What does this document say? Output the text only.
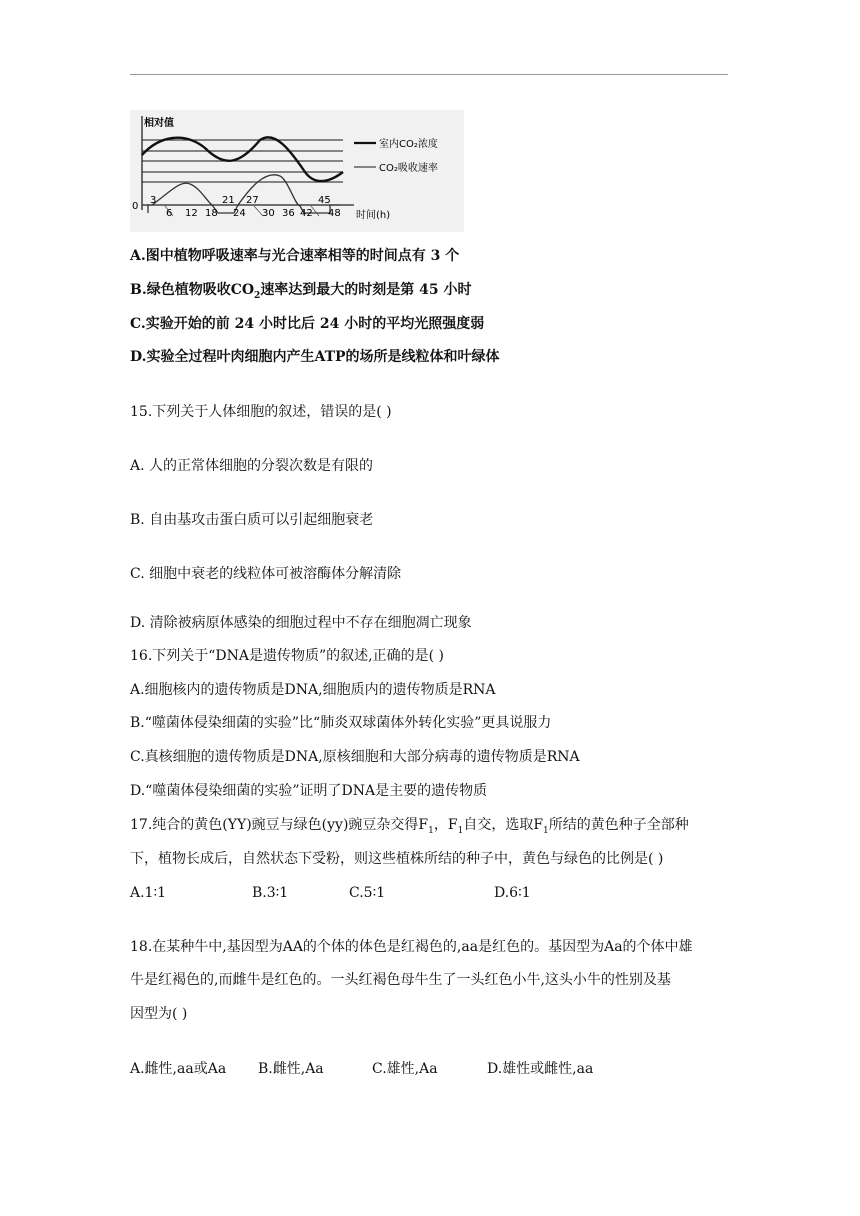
相对值
0
时间(h)
3	21 27	45
6 12 18 24 30 36 42 48
室内CO₂浓度
CO₂吸收速率
A.图中植物呼吸速率与光合速率相等的时间点有 3 个
B.绿色植物吸收$CO_2$速率达到最大的时刻是第 45 小时
C.实验开始的前 24 小时比后 24 小时的平均光照强度弱
D.实验全过程叶肉细胞内产生ATP的场所是线粒体和叶绿体
15.下列关于人体细胞的叙述，错误的是( )
A. 人的正常体细胞的分裂次数是有限的
B. 自由基攻击蛋白质可以引起细胞衰老
C. 细胞中衰老的线粒体可被溶酶体分解清除
D. 清除被病原体感染的细胞过程中不存在细胞凋亡现象
16.下列关于“DNA是遗传物质”的叙述,正确的是( )
A.细胞核内的遗传物质是DNA,细胞质内的遗传物质是RNA
B.“噬菌体侵染细菌的实验”比“肺炎双球菌体外转化实验”更具说服力
C.真核细胞的遗传物质是DNA,原核细胞和大部分病毒的遗传物质是RNA
D.“噬菌体侵染细菌的实验”证明了DNA是主要的遗传物质
17.纯合的黄色(YY)豌豆与绿色(yy)豌豆杂交得$F_1$，$F_1$自交，选取$F_1$所结的黄色种子全部种
下，植物长成后，自然状态下受粉，则这些植株所结的种子中，黄色与绿色的比例是( )
A.1∶1	B.3∶1	C.5∶1	D.6∶1
18.在某种牛中,基因型为AA的个体的体色是红褐色的,aa是红色的。基因型为Aa的个体中雄
牛是红褐色的,而雌牛是红色的。一头红褐色母牛生了一头红色小牛,这头小牛的性别及基
因型为( )
A.雌性,aa或Aa B.雌性,Aa	C.雄性,Aa	D.雄性或雌性,aa
